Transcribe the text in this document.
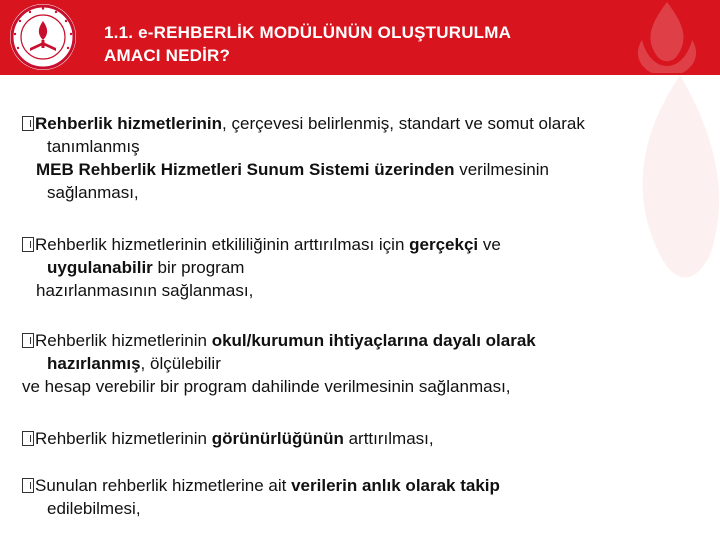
1.1. e-REHBERLİK MODÜLÜNÜN OLUŞTURULMA
AMACI NEDİR?

Rehberlik hizmetlerinin, çerçevesi belirlenmiş, standart ve somut olarak
tanımlanmış
MEB Rehberlik Hizmetleri Sunum Sistemi üzerinden verilmesinin
sağlanması,

Rehberlik hizmetlerinin etkililiğinin arttırılması için gerçekçi ve
uygulanabilir bir program
hazırlanmasının sağlanması,

Rehberlik hizmetlerinin okul/kurumun ihtiyaçlarına dayalı olarak
hazırlanmış, ölçülebilir
ve hesap verebilir bir program dahilinde verilmesinin sağlanması,

Rehberlik hizmetlerinin görünürlüğünün arttırılması,

Sunulan rehberlik hizmetlerine ait verilerin anlık olarak takip
edilebilmesi,
